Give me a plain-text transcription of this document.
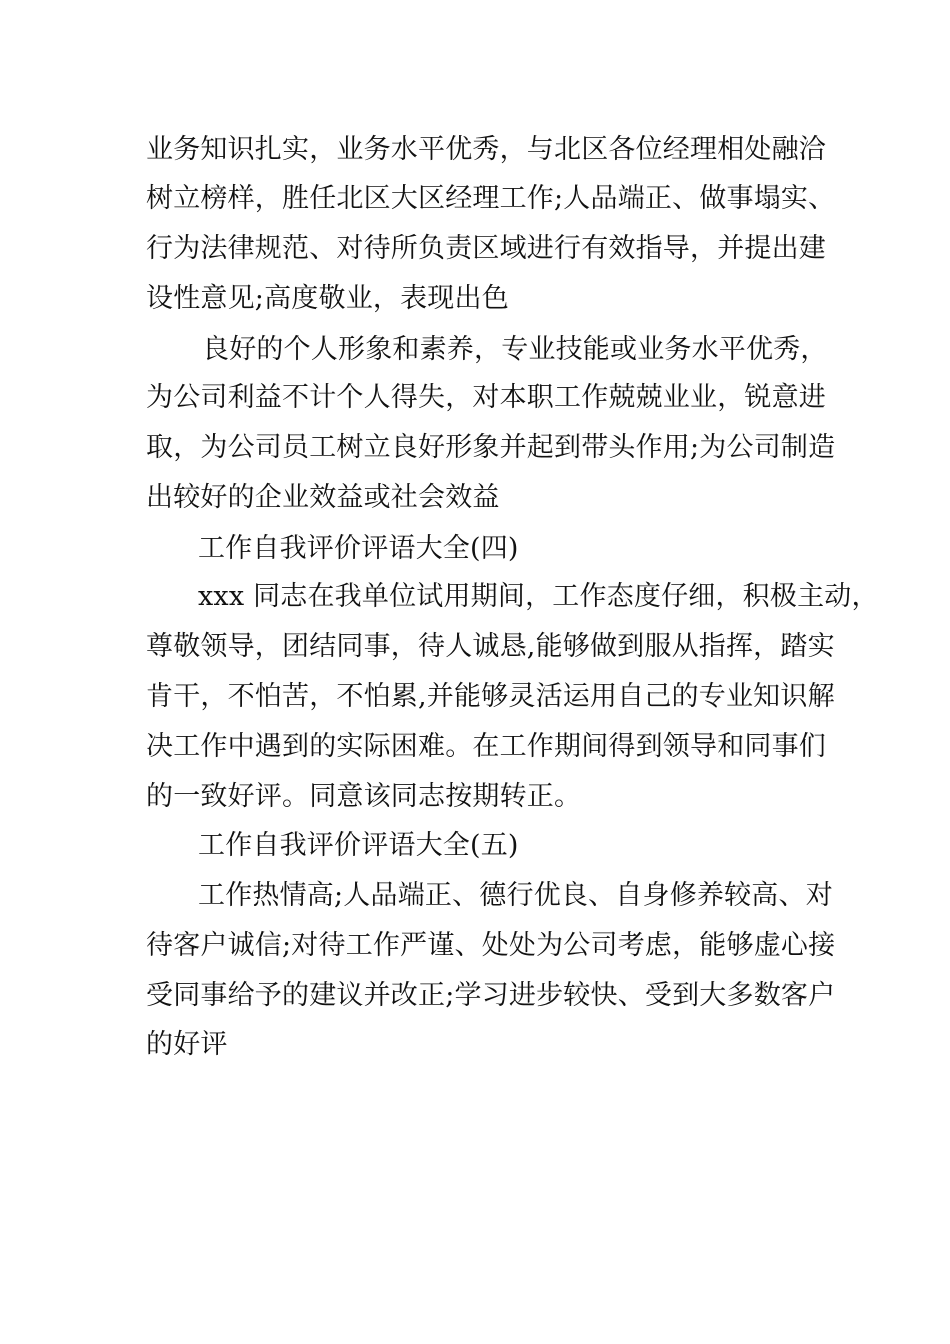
业务知识扎实，业务水平优秀，与北区各位经理相处融洽
树立榜样，胜任北区大区经理工作;人品端正、做事塌实、
行为法律规范、对待所负责区域进行有效指导，并提出建
设性意见;高度敬业，表现出色
良好的个人形象和素养，专业技能或业务水平优秀，
为公司利益不计个人得失，对本职工作兢兢业业，锐意进
取，为公司员工树立良好形象并起到带头作用;为公司制造
出较好的企业效益或社会效益
工作自我评价评语大全(四)
xxx 同志在我单位试用期间，工作态度仔细，积极主动，
尊敬领导，团结同事，待人诚恳,能够做到服从指挥，踏实
肯干，不怕苦，不怕累,并能够灵活运用自己的专业知识解
决工作中遇到的实际困难。在工作期间得到领导和同事们
的一致好评。同意该同志按期转正。
工作自我评价评语大全(五)
工作热情高;人品端正、德行优良、自身修养较高、对
待客户诚信;对待工作严谨、处处为公司考虑，能够虚心接
受同事给予的建议并改正;学习进步较快、受到大多数客户
的好评
